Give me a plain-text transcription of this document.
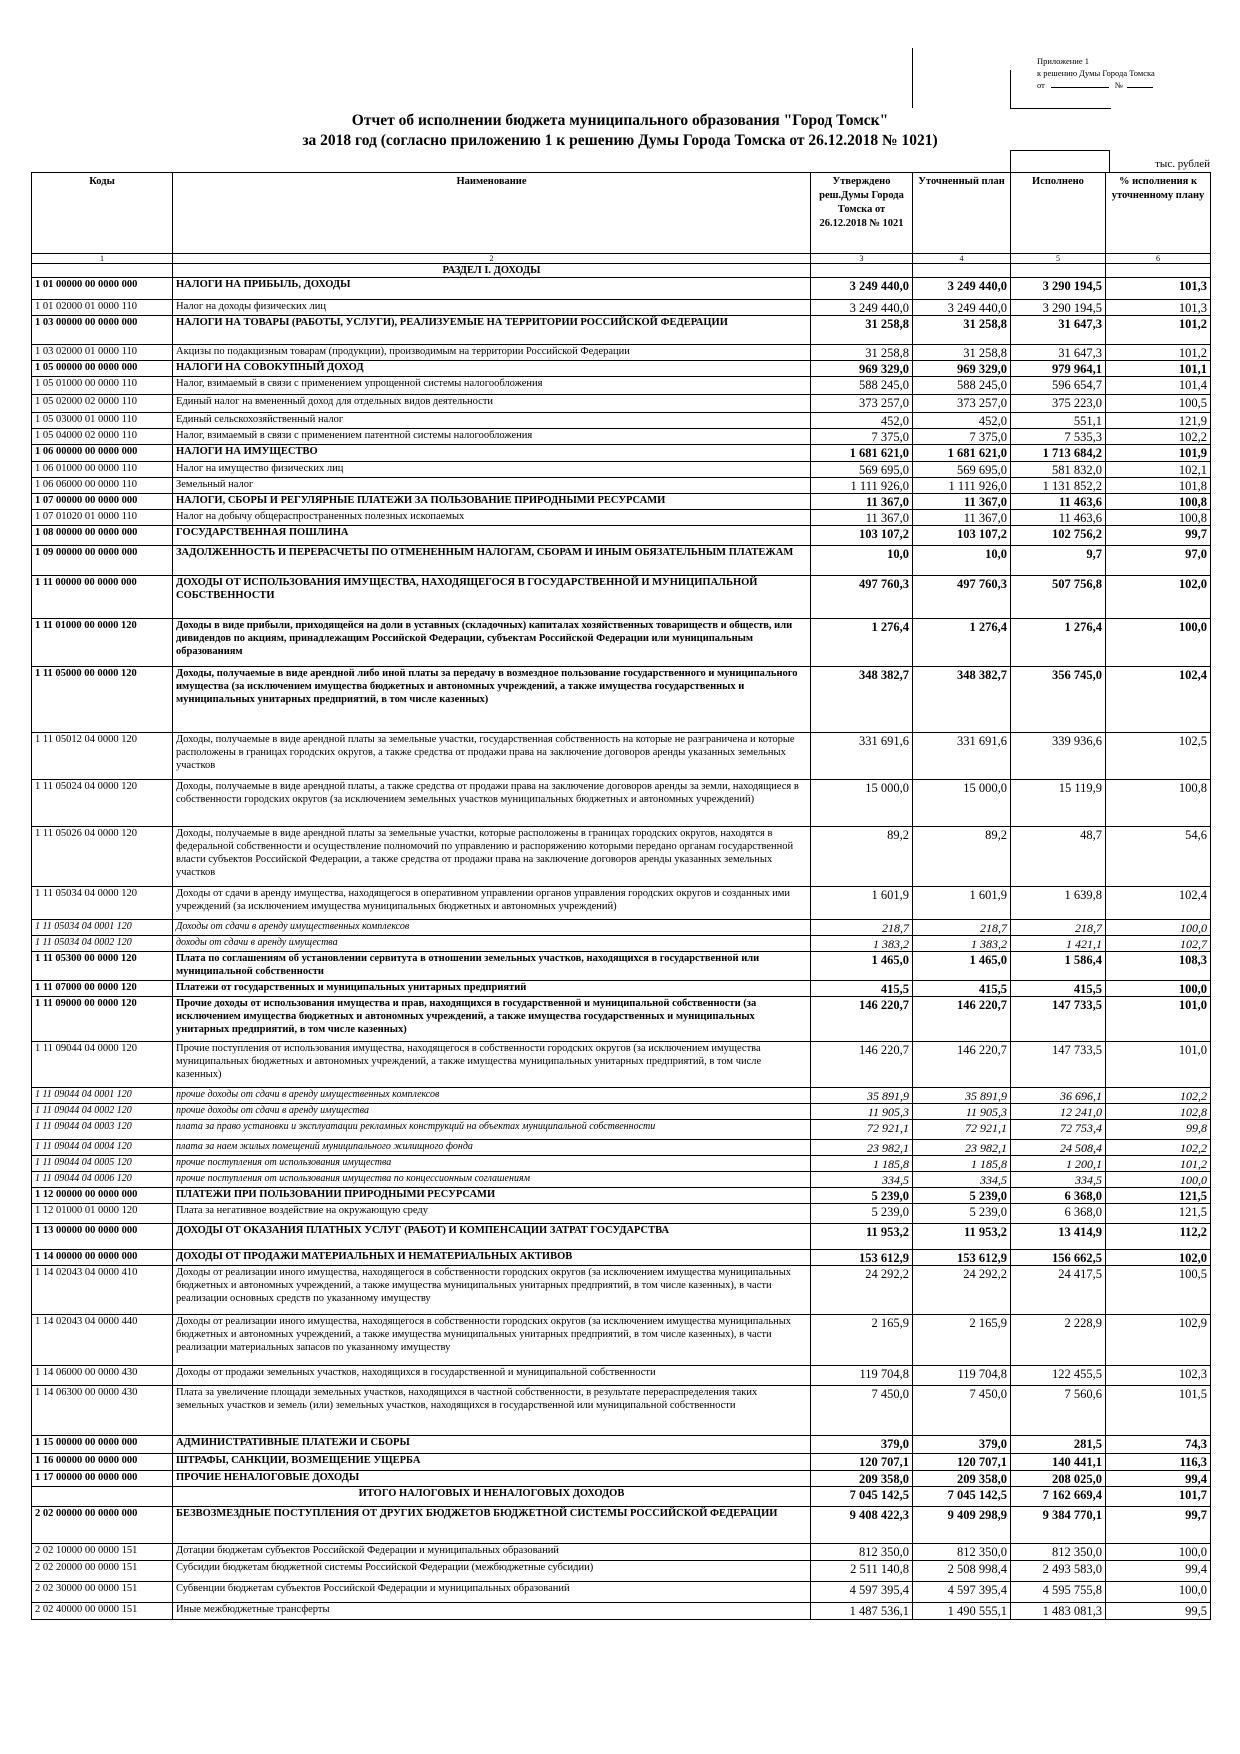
Приложение 1
к решению Думы Города Томска
от	№
Отчет об исполнении бюджета муниципального образования "Город Томск"
за 2018 год (согласно приложению 1 к решению Думы Города Томска от 26.12.2018 № 1021)
тыс. рублей
Коды	Наименование	Утверждено реш.Думы Города Томска от 26.12.2018 № 1021	Уточненный план	Исполнено	% исполнения к уточненному плану
1	2	3	4	5	6
	РАЗДЕЛ I. ДОХОДЫ				
1 01 00000 00 0000 000	НАЛОГИ НА ПРИБЫЛЬ, ДОХОДЫ	3 249 440,0	3 249 440,0	3 290 194,5	101,3
1 01 02000 01 0000 110	Налог на доходы физических лиц	3 249 440,0	3 249 440,0	3 290 194,5	101,3
1 03 00000 00 0000 000	НАЛОГИ НА ТОВАРЫ (РАБОТЫ, УСЛУГИ), РЕАЛИЗУЕМЫЕ НА ТЕРРИТОРИИ РОССИЙСКОЙ ФЕДЕРАЦИИ	31 258,8	31 258,8	31 647,3	101,2
1 03 02000 01 0000 110	Акцизы по подакцизным товарам (продукции), производимым на территории Российской Федерации	31 258,8	31 258,8	31 647,3	101,2
1 05 00000 00 0000 000	НАЛОГИ НА СОВОКУПНЫЙ ДОХОД	969 329,0	969 329,0	979 964,1	101,1
1 05 01000 00 0000 110	Налог, взимаемый в связи с применением упрощенной системы налогообложения	588 245,0	588 245,0	596 654,7	101,4
1 05 02000 02 0000 110	Единый налог на вмененный доход для отдельных видов деятельности	373 257,0	373 257,0	375 223,0	100,5
1 05 03000 01 0000 110	Единый сельскохозяйственный налог	452,0	452,0	551,1	121,9
1 05 04000 02 0000 110	Налог, взимаемый в связи с применением патентной системы налогообложения	7 375,0	7 375,0	7 535,3	102,2
1 06 00000 00 0000 000	НАЛОГИ НА ИМУЩЕСТВО	1 681 621,0	1 681 621,0	1 713 684,2	101,9
1 06 01000 00 0000 110	Налог на имущество физических лиц	569 695,0	569 695,0	581 832,0	102,1
1 06 06000 00 0000 110	Земельный налог	1 111 926,0	1 111 926,0	1 131 852,2	101,8
1 07 00000 00 0000 000	НАЛОГИ, СБОРЫ И РЕГУЛЯРНЫЕ ПЛАТЕЖИ ЗА ПОЛЬЗОВАНИЕ ПРИРОДНЫМИ РЕСУРСАМИ	11 367,0	11 367,0	11 463,6	100,8
1 07 01020 01 0000 110	Налог на добычу общераспространенных полезных ископаемых	11 367,0	11 367,0	11 463,6	100,8
1 08 00000 00 0000 000	ГОСУДАРСТВЕННАЯ ПОШЛИНА	103 107,2	103 107,2	102 756,2	99,7
1 09 00000 00 0000 000	ЗАДОЛЖЕННОСТЬ И ПЕРЕРАСЧЕТЫ ПО ОТМЕНЕННЫМ НАЛОГАМ, СБОРАМ И ИНЫМ ОБЯЗАТЕЛЬНЫМ ПЛАТЕЖАМ	10,0	10,0	9,7	97,0
1 11 00000 00 0000 000	ДОХОДЫ ОТ ИСПОЛЬЗОВАНИЯ ИМУЩЕСТВА, НАХОДЯЩЕГОСЯ В ГОСУДАРСТВЕННОЙ И МУНИЦИПАЛЬНОЙ СОБСТВЕННОСТИ	497 760,3	497 760,3	507 756,8	102,0
1 11 01000 00 0000 120	Доходы в виде прибыли, приходящейся на доли в уставных (складочных) капиталах хозяйственных товариществ и обществ, или дивидендов по акциям, принадлежащим Российской Федерации, субъектам Российской Федерации или муниципальным образованиям	1 276,4	1 276,4	1 276,4	100,0
1 11 05000 00 0000 120	Доходы, получаемые в виде арендной либо иной платы за передачу в возмездное пользование государственного и муниципального имущества (за исключением имущества бюджетных и автономных учреждений, а также имущества государственных и муниципальных унитарных предприятий, в том числе казенных)	348 382,7	348 382,7	356 745,0	102,4
1 11 05012 04 0000 120	Доходы, получаемые в виде арендной платы за земельные участки, государственная собственность на которые не разграничена и которые расположены в границах городских округов, а также средства от продажи права на заключение договоров аренды указанных земельных участков	331 691,6	331 691,6	339 936,6	102,5
1 11 05024 04 0000 120	Доходы, получаемые в виде арендной платы, а также средства от продажи права на заключение договоров аренды за земли, находящиеся в собственности городских округов (за исключением земельных участков муниципальных бюджетных и автономных учреждений)	15 000,0	15 000,0	15 119,9	100,8
1 11 05026 04 0000 120	Доходы, получаемые в виде арендной платы за земельные участки, которые расположены в границах городских округов, находятся в федеральной собственности и осуществление полномочий по управлению и распоряжению которыми передано органам государственной власти субъектов Российской Федерации, а также средства от продажи права на заключение договоров аренды указанных земельных участков	89,2	89,2	48,7	54,6
1 11 05034 04 0000 120	Доходы от сдачи в аренду имущества, находящегося в оперативном управлении органов управления городских округов и созданных ими учреждений (за исключением имущества муниципальных бюджетных и автономных учреждений)	1 601,9	1 601,9	1 639,8	102,4
1 11 05034 04 0001 120	Доходы от сдачи в аренду имущественных комплексов	218,7	218,7	218,7	100,0
1 11 05034 04 0002 120	доходы от сдачи в аренду имущества	1 383,2	1 383,2	1 421,1	102,7
1 11 05300 00 0000 120	Плата по соглашениям об установлении сервитута в отношении земельных участков, находящихся в государственной или муниципальной собственности	1 465,0	1 465,0	1 586,4	108,3
1 11 07000 00 0000 120	Платежи от государственных и муниципальных унитарных предприятий	415,5	415,5	415,5	100,0
1 11 09000 00 0000 120	Прочие доходы от использования имущества и прав, находящихся в государственной и муниципальной собственности (за исключением имущества бюджетных и автономных учреждений, а также имущества государственных и муниципальных унитарных предприятий, в том числе казенных)	146 220,7	146 220,7	147 733,5	101,0
1 11 09044 04 0000 120	Прочие поступления от использования имущества, находящегося в собственности городских округов (за исключением имущества муниципальных бюджетных и автономных учреждений, а также имущества муниципальных унитарных предприятий, в том числе казенных)	146 220,7	146 220,7	147 733,5	101,0
1 11 09044 04 0001 120	прочие доходы от сдачи в аренду имущественных комплексов	35 891,9	35 891,9	36 696,1	102,2
1 11 09044 04 0002 120	прочие доходы от сдачи в аренду имущества	11 905,3	11 905,3	12 241,0	102,8
1 11 09044 04 0003 120	плата за право установки и эксплуатации рекламных конструкций на объектах муниципальной собственности	72 921,1	72 921,1	72 753,4	99,8
1 11 09044 04 0004 120	плата за наем жилых помещений муниципального жилищного фонда	23 982,1	23 982,1	24 508,4	102,2
1 11 09044 04 0005 120	прочие поступления от использования имущества	1 185,8	1 185,8	1 200,1	101,2
1 11 09044 04 0006 120	прочие поступления от использования имущества по концессионным соглашениям	334,5	334,5	334,5	100,0
1 12 00000 00 0000 000	ПЛАТЕЖИ ПРИ ПОЛЬЗОВАНИИ ПРИРОДНЫМИ РЕСУРСАМИ	5 239,0	5 239,0	6 368,0	121,5
1 12 01000 01 0000 120	Плата за негативное воздействие на окружающую среду	5 239,0	5 239,0	6 368,0	121,5
1 13 00000 00 0000 000	ДОХОДЫ ОТ ОКАЗАНИЯ ПЛАТНЫХ УСЛУГ (РАБОТ) И КОМПЕНСАЦИИ ЗАТРАТ ГОСУДАРСТВА	11 953,2	11 953,2	13 414,9	112,2
1 14 00000 00 0000 000	ДОХОДЫ ОТ ПРОДАЖИ МАТЕРИАЛЬНЫХ И НЕМАТЕРИАЛЬНЫХ АКТИВОВ	153 612,9	153 612,9	156 662,5	102,0
1 14 02043 04 0000 410	Доходы от реализации иного имущества, находящегося в собственности городских округов (за исключением имущества муниципальных бюджетных и автономных учреждений, а также имущества муниципальных унитарных предприятий, в том числе казенных), в части реализации основных средств по указанному имуществу	24 292,2	24 292,2	24 417,5	100,5
1 14 02043 04 0000 440	Доходы от реализации иного имущества, находящегося в собственности городских округов (за исключением имущества муниципальных бюджетных и автономных учреждений, а также имущества муниципальных унитарных предприятий, в том числе казенных), в части реализации материальных запасов по указанному имуществу	2 165,9	2 165,9	2 228,9	102,9
1 14 06000 00 0000 430	Доходы от продажи земельных участков, находящихся в государственной и муниципальной собственности	119 704,8	119 704,8	122 455,5	102,3
1 14 06300 00 0000 430	Плата за увеличение площади земельных участков, находящихся в частной собственности, в результате перераспределения таких земельных участков и земель (или) земельных участков, находящихся в государственной или муниципальной собственности	7 450,0	7 450,0	7 560,6	101,5
1 15 00000 00 0000 000	АДМИНИСТРАТИВНЫЕ ПЛАТЕЖИ И СБОРЫ	379,0	379,0	281,5	74,3
1 16 00000 00 0000 000	ШТРАФЫ, САНКЦИИ, ВОЗМЕЩЕНИЕ УЩЕРБА	120 707,1	120 707,1	140 441,1	116,3
1 17 00000 00 0000 000	ПРОЧИЕ НЕНАЛОГОВЫЕ ДОХОДЫ	209 358,0	209 358,0	208 025,0	99,4
	ИТОГО НАЛОГОВЫХ И НЕНАЛОГОВЫХ ДОХОДОВ	7 045 142,5	7 045 142,5	7 162 669,4	101,7
2 02 00000 00 0000 000	БЕЗВОЗМЕЗДНЫЕ ПОСТУПЛЕНИЯ ОТ ДРУГИХ БЮДЖЕТОВ БЮДЖЕТНОЙ СИСТЕМЫ РОССИЙСКОЙ ФЕДЕРАЦИИ	9 408 422,3	9 409 298,9	9 384 770,1	99,7
2 02 10000 00 0000 151	Дотации бюджетам субъектов Российской Федерации и муниципальных образований	812 350,0	812 350,0	812 350,0	100,0
2 02 20000 00 0000 151	Субсидии бюджетам бюджетной системы Российской Федерации (межбюджетные субсидии)	2 511 140,8	2 508 998,4	2 493 583,0	99,4
2 02 30000 00 0000 151	Субвенции бюджетам субъектов Российской Федерации и муниципальных образований	4 597 395,4	4 597 395,4	4 595 755,8	100,0
2 02 40000 00 0000 151	Иные межбюджетные трансферты	1 487 536,1	1 490 555,1	1 483 081,3	99,5
